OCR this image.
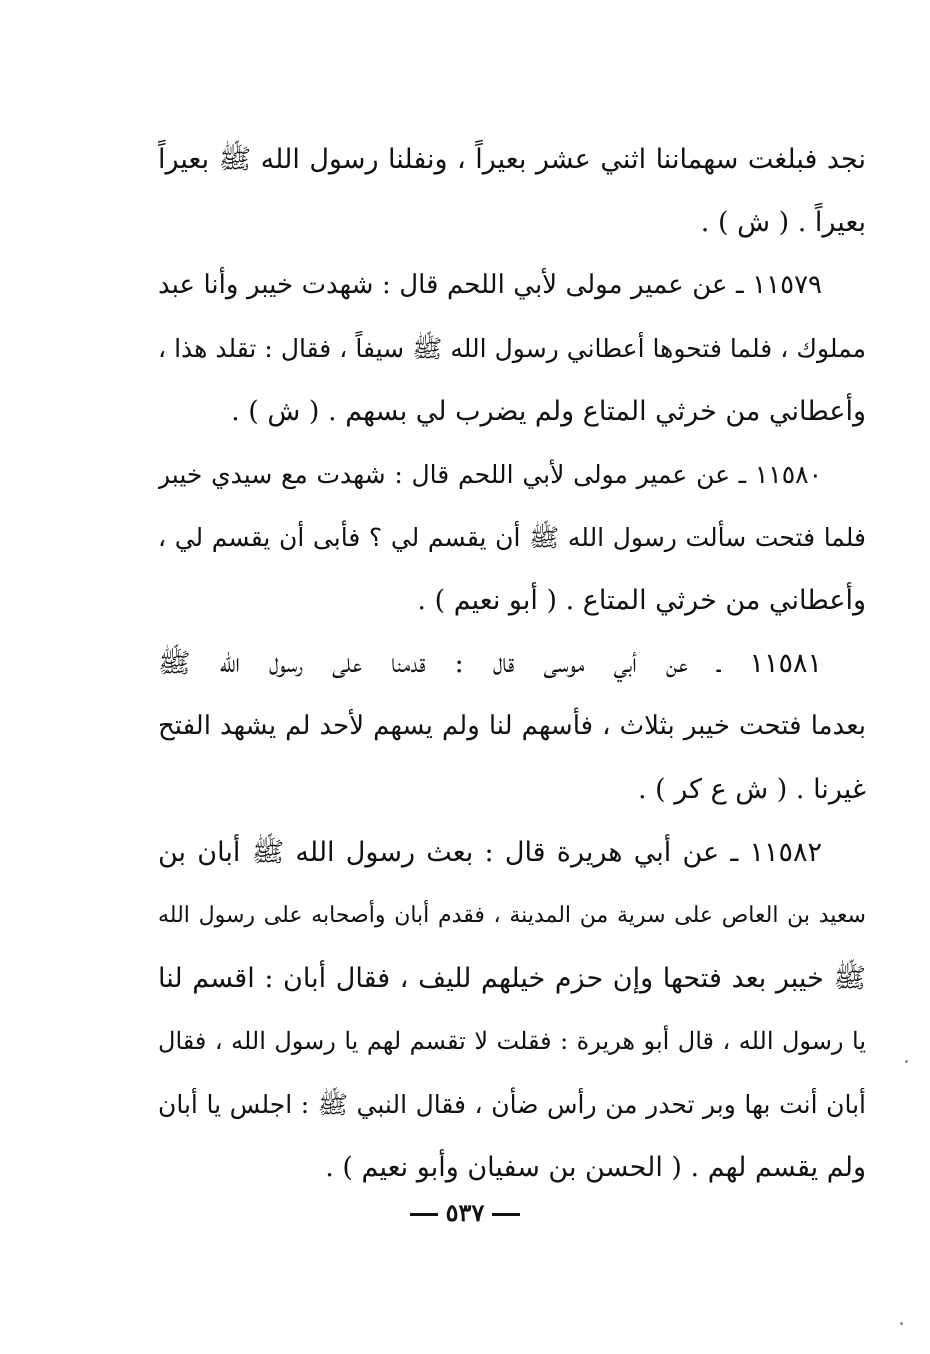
نجد فبلغت سهماننا اثني عشر بعيراً ، ونفلنا رسول الله ﷺ بعيراً
بعيراً . ( ش ) .
١١٥٧٩ ـ عن عمير مولى لأبي اللحم قال : شهدت خيبر وأنا عبد
مملوك ، فلما فتحوها أعطاني رسول الله ﷺ سيفاً ، فقال : تقلد هذا ،
وأعطاني من خرثي المتاع ولم يضرب لي بسهم . ( ش ) .
١١٥٨٠ ـ عن عمير مولى لأبي اللحم قال : شهدت مع سيدي خيبر
فلما فتحت سألت رسول الله ﷺ أن يقسم لي ؟ فأبى أن يقسم لي ،
وأعطاني من خرثي المتاع . ( أبو نعيم ) .
١١٥٨١ ـ عن أبي موسى قال : قدمنا على رسول الله ﷺ
بعدما فتحت خيبر بثلاث ، فأسهم لنا ولم يسهم لأحد لم يشهد الفتح
غيرنا . ( ش ع كر ) .
١١٥٨٢ ـ عن أبي هريرة قال : بعث رسول الله ﷺ أبان بن
سعيد بن العاص على سرية من المدينة ، فقدم أبان وأصحابه على رسول الله
ﷺ خيبر بعد فتحها وإن حزم خيلهم لليف ، فقال أبان : اقسم لنا
يا رسول الله ، قال أبو هريرة : فقلت لا تقسم لهم يا رسول الله ، فقال
أبان أنت بها وبر تحدر من رأس ضأن ، فقال النبي ﷺ : اجلس يا أبان
ولم يقسم لهم . ( الحسن بن سفيان وأبو نعيم ) .
٥٣٧
